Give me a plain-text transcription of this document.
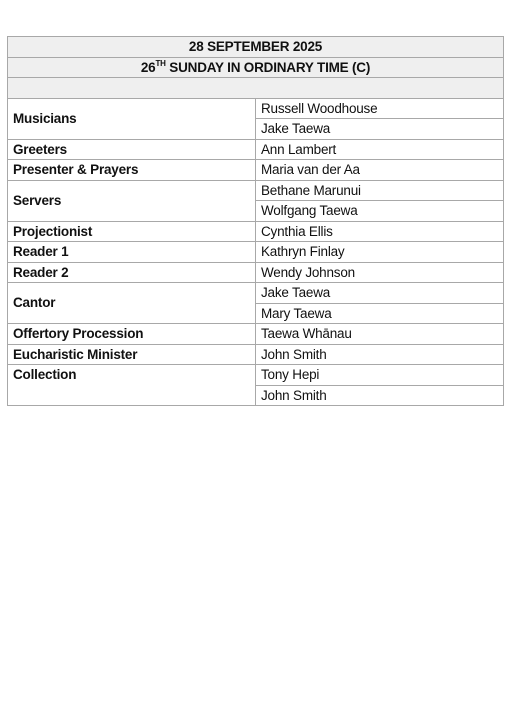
28 SEPTEMBER 2025	
26TH SUNDAY IN ORDINARY TIME (C)	

Musicians	Russell Woodhouse
	Jake Taewa
Greeters	Ann Lambert
Presenter & Prayers	Maria van der Aa
Servers	Bethane Marunui
	Wolfgang Taewa
Projectionist	Cynthia Ellis
Reader 1	Kathryn Finlay
Reader 2	Wendy Johnson
Cantor	Jake Taewa
	Mary Taewa
Offertory Procession	Taewa Whānau
Eucharistic Minister	John Smith
Collection	Tony Hepi
	John Smith
